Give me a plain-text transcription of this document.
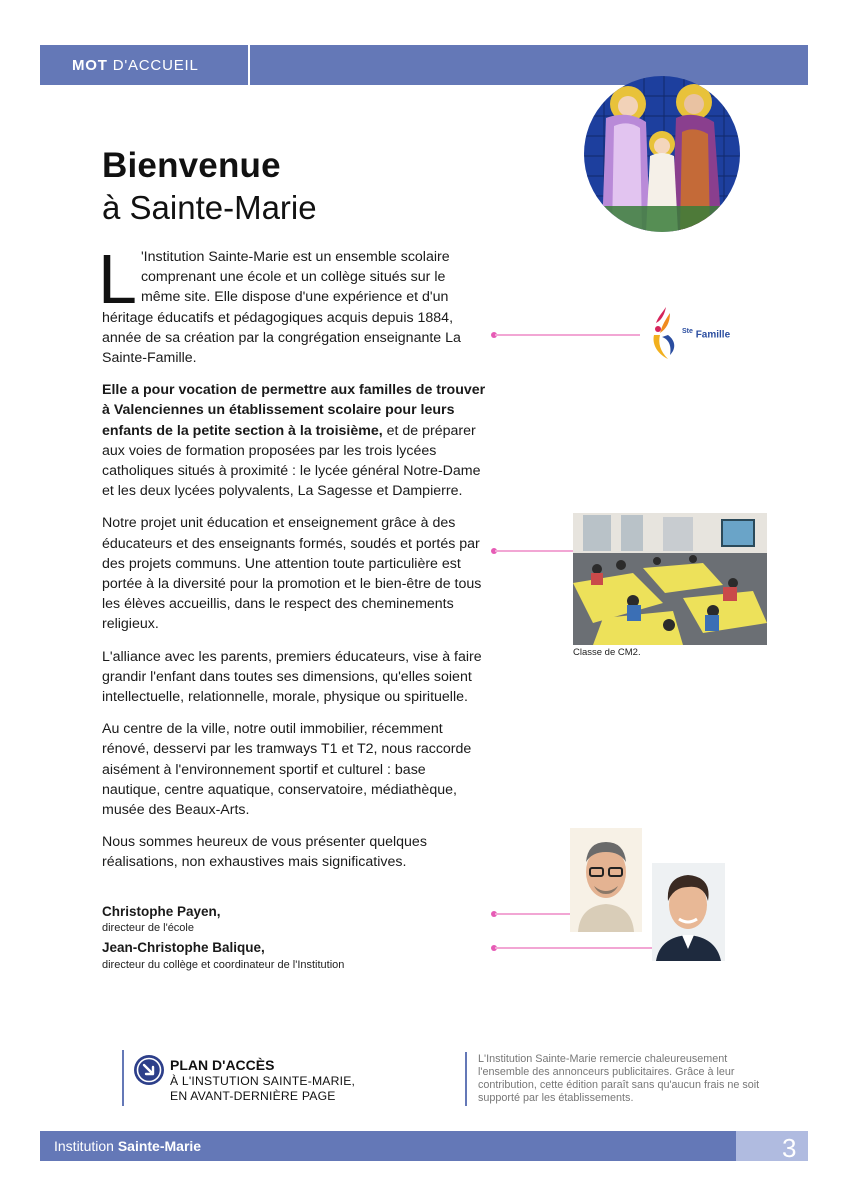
MOT D'ACCUEIL
Bienvenue
à Sainte-Marie

L 'Institution Sainte-Marie est un ensemble scolaire comprenant une école et un collège situés sur le même site. Elle dispose d'une expérience et d'un héritage éducatifs et pédagogiques acquis depuis 1884, année de sa création par la congrégation enseignante La Sainte-Famille.

Elle a pour vocation de permettre aux familles de trouver à Valenciennes un établissement scolaire pour leurs enfants de la petite section à la troisième, et de préparer aux voies de formation proposées par les trois lycées catholiques situés à proximité : le lycée général Notre-Dame et les deux lycées polyvalents, La Sagesse et Dampierre.

Notre projet unit éducation et enseignement grâce à des éducateurs et des enseignants formés, soudés et portés par des projets communs. Une attention toute particulière est portée à la diversité pour la promotion et le bien-être de tous les élèves accueillis, dans le respect des cheminements religieux.

L'alliance avec les parents, premiers éducateurs, vise à faire grandir l'enfant dans toutes ses dimensions, qu'elles soient intellectuelle, relationnelle, morale, physique ou spirituelle.

Au centre de la ville, notre outil immobilier, récemment rénové, desservi par les tramways T1 et T2, nous raccorde aisément à l'environnement sportif et culturel : base nautique, centre aquatique, conservatoire, médiathèque, musée des Beaux-Arts.

Nous sommes heureux de vous présenter quelques réalisations, non exhaustives mais significatives.

Christophe Payen,
directeur de l'école
Jean-Christophe Balique,
directeur du collège et coordinateur de l'Institution
$^{Ste}$ Famille
Classe de CM2.
PLAN D'ACCÈS
À L'INSTUTION SAINTE-MARIE,
EN AVANT-DERNIÈRE PAGE
L'Institution Sainte-Marie remercie chaleureusement l'ensemble des annonceurs publicitaires. Grâce à leur contribution, cette édition paraît sans qu'aucun frais ne soit supporté par les établissements.
Institution Sainte-Marie	3
